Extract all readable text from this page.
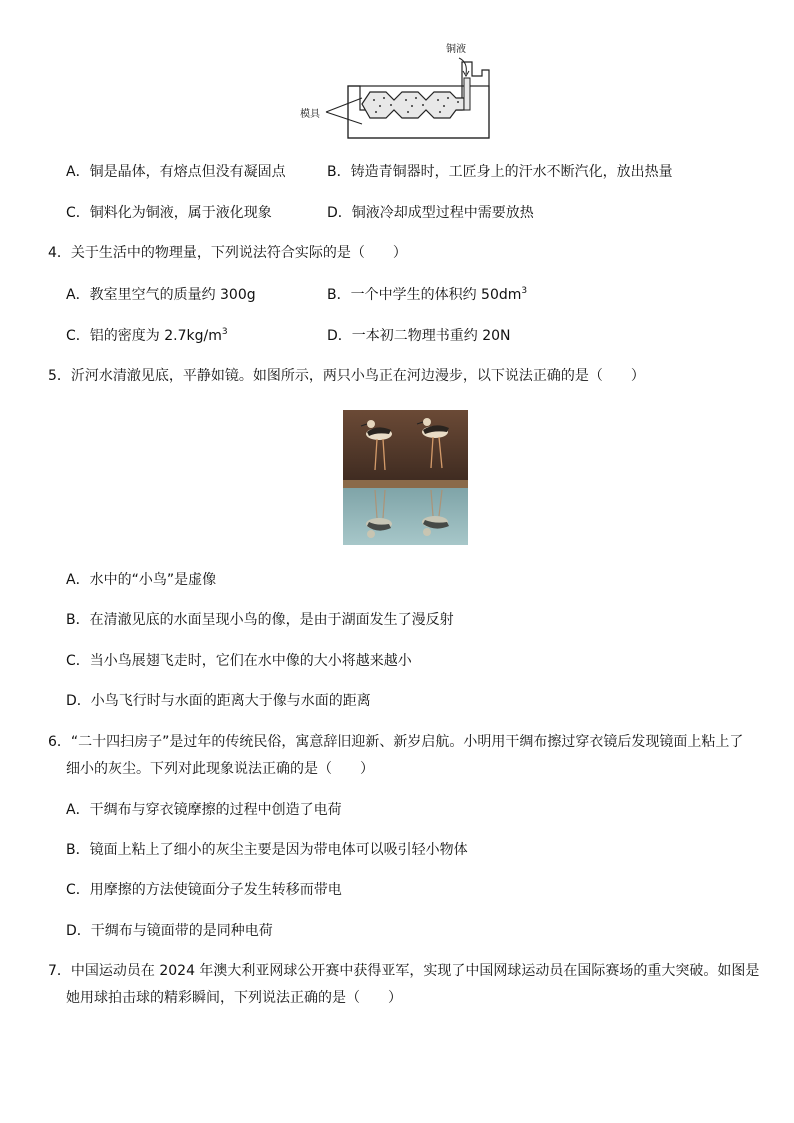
铜液
模具
A．铜是晶体，有熔点但没有凝固点	B．铸造青铜器时，工匠身上的汗水不断汽化，放出热量
C．铜料化为铜液，属于液化现象	D．铜液冷却成型过程中需要放热
4．关于生活中的物理量，下列说法符合实际的是（　　）
A．教室里空气的质量约 300g	B．一个中学生的体积约 $50dm^3$
C．铝的密度为 $2.7kg/m^3$	D．一本初二物理书重约 20N
5．沂河水清澈见底，平静如镜。如图所示，两只小鸟正在河边漫步，以下说法正确的是（　　）
A．水中的“小鸟”是虚像
B．在清澈见底的水面呈现小鸟的像，是由于湖面发生了漫反射
C．当小鸟展翅飞走时，它们在水中像的大小将越来越小
D．小鸟飞行时与水面的距离大于像与水面的距离
6．“二十四扫房子”是过年的传统民俗，寓意辞旧迎新、新岁启航。小明用干绸布擦过穿衣镜后发现镜面上粘上了
细小的灰尘。下列对此现象说法正确的是（　　）
A．干绸布与穿衣镜摩擦的过程中创造了电荷
B．镜面上粘上了细小的灰尘主要是因为带电体可以吸引轻小物体
C．用摩擦的方法使镜面分子发生转移而带电
D．干绸布与镜面带的是同种电荷
7．中国运动员在 2024 年澳大利亚网球公开赛中获得亚军，实现了中国网球运动员在国际赛场的重大突破。如图是
她用球拍击球的精彩瞬间，下列说法正确的是（　　）
